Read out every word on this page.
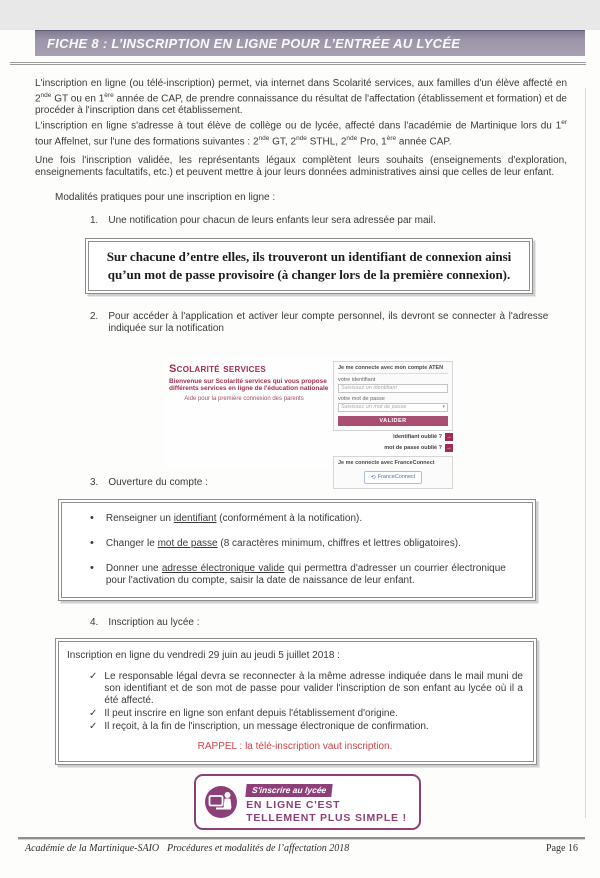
FICHE 8 : L’INSCRIPTION EN LIGNE POUR L’ENTRÉE AU LYCÉE

L'inscription en ligne (ou télé-inscription) permet, via internet dans Scolarité services, aux familles d'un élève affecté en 2nde GT ou en 1ère année de CAP, de prendre connaissance du résultat de l'affectation (établissement et formation) et de procéder à l'inscription dans cet établissement.

L'inscription en ligne s'adresse à tout élève de collège ou de lycée, affecté dans l'académie de Martinique lors du 1er tour Affelnet, sur l'une des formations suivantes : 2nde GT, 2nde STHL, 2nde Pro, 1ère année CAP.

Une fois l'inscription validée, les représentants légaux complètent leurs souhaits (enseignements d'exploration, enseignements facultatifs, etc.) et peuvent mettre à jour leurs données administratives ainsi que celles de leur enfant.

Modalités pratiques pour une inscription en ligne :

1. Une notification pour chacun de leurs enfants leur sera adressée par mail.
Sur chacune d’entre elles, ils trouveront un identifiant de connexion ainsi qu’un mot de passe provisoire (à changer lors de la première connexion).
2. Pour accéder à l'application et activer leur compte personnel, ils devront se connecter à l'adresse indiquée sur la notification
Scolarité services
Bienvenue sur Scolarité services qui vous propose différents services en ligne de l'éducation nationale
Aide pour la première connexion des parents
Je me connecte avec mon compte ATEN
votre identifiant
Saisissez un identifiant
votre mot de passe
Saisissez un mot de passe	▾
VALIDER
identifiant oublié ? →
mot de passe oublié ? →
Je me connecte avec FranceConnect
⟲ FranceConnect
3. Ouverture du compte :
• Renseigner un identifiant (conformément à la notification).
• Changer le mot de passe (8 caractères minimum, chiffres et lettres obligatoires).
• Donner une adresse électronique valide qui permettra d'adresser un courrier électronique pour l'activation du compte, saisir la date de naissance de leur enfant.
4. Inscription au lycée :
Inscription en ligne du vendredi 29 juin au jeudi 5 juillet 2018 :
✓ Le responsable légal devra se reconnecter à la même adresse indiquée dans le mail muni de son identifiant et de son mot de passe pour valider l'inscription de son enfant au lycée où il a été affecté.
✓ Il peut inscrire en ligne son enfant depuis l'établissement d'origine.
✓ Il reçoit, à la fin de l'inscription, un message électronique de confirmation.
RAPPEL : la télé-inscription vaut inscription.
S'inscrire au lycée
EN LIGNE C'EST
TELLEMENT PLUS SIMPLE !
Académie de la Martinique-SAIO Procédures et modalités de l’affectation 2018	Page 16
